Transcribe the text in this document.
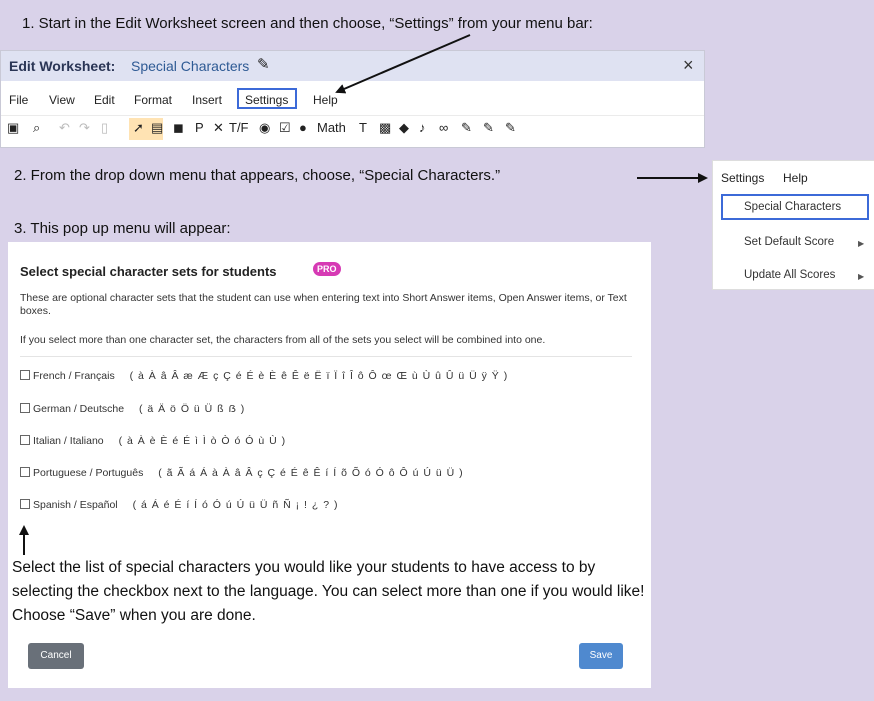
1. Start in the Edit Worksheet screen and then choose, “Settings” from your menu bar:
Edit Worksheet: Special Characters ✎	×
File View Edit Format Insert Settings Help
▣ ⌕ ↶ ↷ ▯ ➚ ▤ ◼ P ✕ T/F ◉ ☑ ● Math T ▩ ◆ ♪ ∞ ✎ ✎ ✎
2. From the drop down menu that appears, choose, “Special Characters.”	Settings Help
Special Characters
Set Default Score	▶
Update All Scores	▶
3. This pop up menu will appear:
Select special character sets for students	PRO
These are optional character sets that the student can use when entering text into Short Answer items, Open Answer items, or Text boxes.
If you select more than one character set, the characters from all of the sets you select will be combined into one.
French / Français ( à À â Â æ Æ ç Ç é É è È ê Ê ë Ë ï Ï î Î ô Ô œ Œ ù Ù û Û ü Ü ÿ Ÿ )
German / Deutsche ( ä Ä ö Ö ü Ü ß ẞ )
Italian / Italiano ( à À è È é É ì Ì ò Ò ó Ó ù Ù )
Portuguese / Português ( ã Ã á Á à À â Â ç Ç é É ê Ê í Í õ Õ ó Ó ô Ô ú Ú ü Ü )
Spanish / Español ( á Á é É í Í ó Ó ú Ú ü Ü ñ Ñ ¡ ! ¿ ? )
Select the list of special characters you would like your students to have access to by selecting the checkbox next to the language. You can select more than one if you would like! Choose “Save” when you are done.
Cancel	Save
